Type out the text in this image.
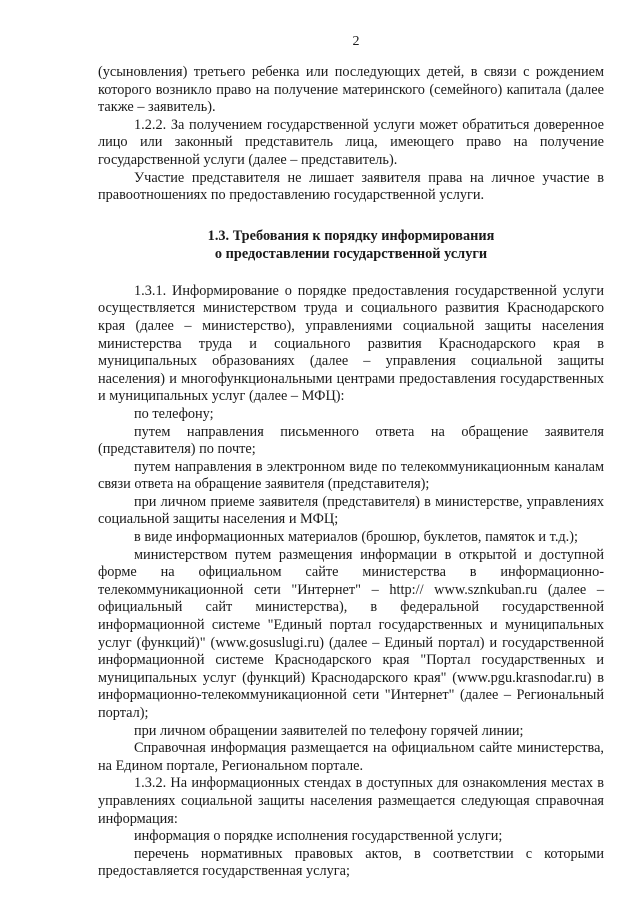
2

(усыновления) третьего ребенка или последующих детей, в связи с рождением которого возникло право на получение материнского (семейного) капитала (далее также – заявитель).

1.2.2. За получением государственной услуги может обратиться доверенное лицо или законный представитель лица, имеющего право на получение государственной услуги (далее – представитель).

Участие представителя не лишает заявителя права на личное участие в правоотношениях по предоставлению государственной услуги.

1.3. Требования к порядку информирования
о предоставлении государственной услуги

1.3.1. Информирование о порядке предоставления государственной услуги осуществляется министерством труда и социального развития Краснодарского края (далее – министерство), управлениями социальной защиты населения министерства труда и социального развития Краснодарского края в муниципальных образованиях (далее – управления социальной защиты населения) и многофункциональными центрами предоставления государственных и муниципальных услуг (далее – МФЦ):

по телефону;

путем направления письменного ответа на обращение заявителя (представителя) по почте;

путем направления в электронном виде по телекоммуникационным каналам связи ответа на обращение заявителя (представителя);

при личном приеме заявителя (представителя) в министерстве, управлениях социальной защиты населения и МФЦ;

в виде информационных материалов (брошюр, буклетов, памяток и т.д.);

министерством путем размещения информации в открытой и доступной форме на официальном сайте министерства в информационно-телекоммуникационной сети "Интернет" – http:// www.sznkuban.ru (далее – официальный сайт министерства), в федеральной государственной информационной системе "Единый портал государственных и муниципальных услуг (функций)" (www.gosuslugi.ru) (далее – Единый портал) и государственной информационной системе Краснодарского края "Портал государственных и муниципальных услуг (функций) Краснодарского края" (www.pgu.krasnodar.ru) в информационно-телекоммуникационной сети "Интернет" (далее – Региональный портал);

при личном обращении заявителей по телефону горячей линии;

Справочная информация размещается на официальном сайте министерства, на Едином портале, Региональном портале.

1.3.2. На информационных стендах в доступных для ознакомления местах в управлениях социальной защиты населения размещается следующая справочная информация:

информация о порядке исполнения государственной услуги;

перечень нормативных правовых актов, в соответствии с которыми предоставляется государственная услуга;
